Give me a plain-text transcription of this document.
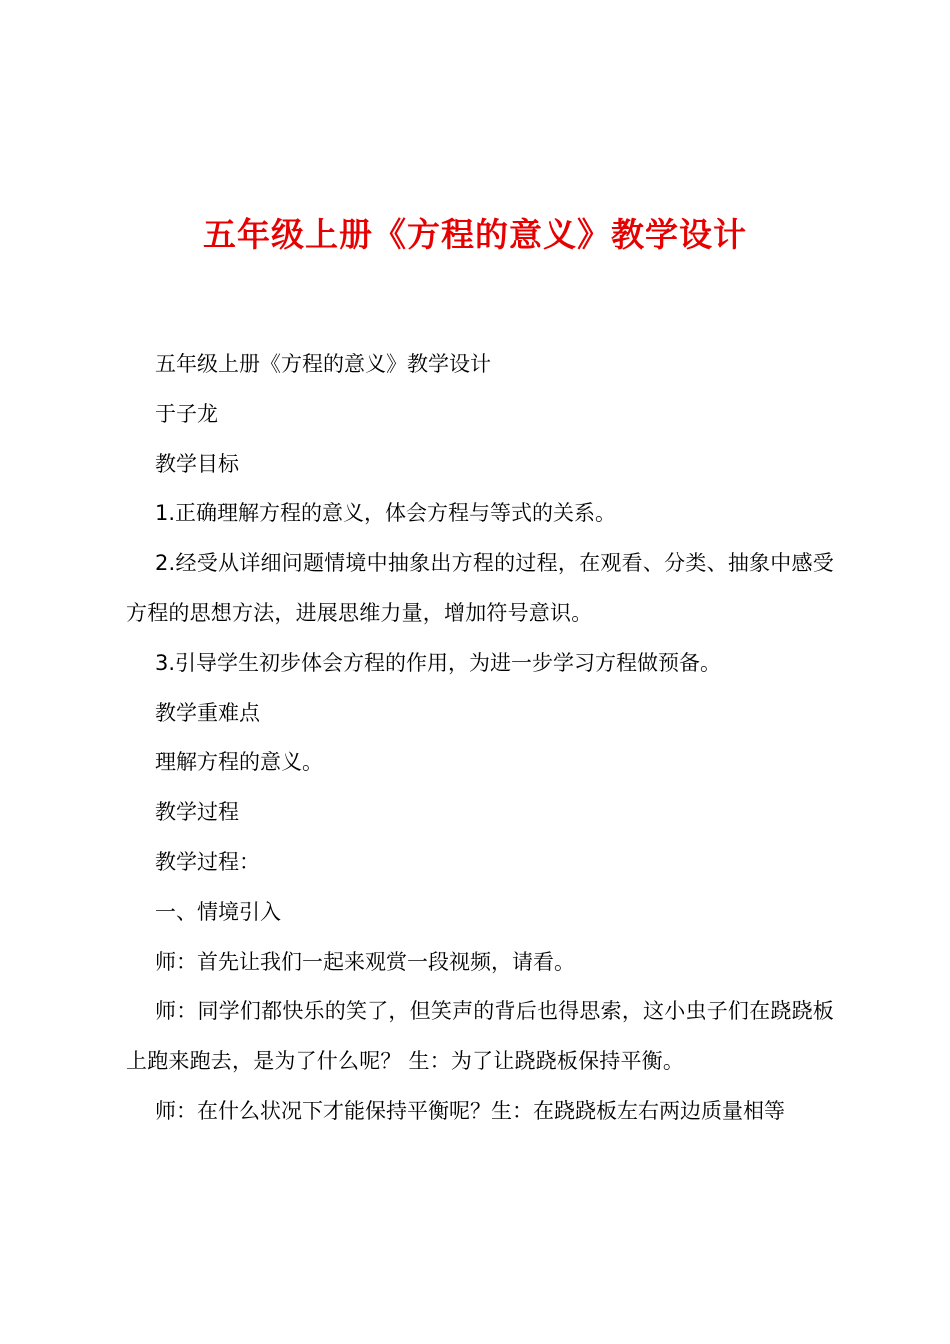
五年级上册《方程的意义》教学设计

五年级上册《方程的意义》教学设计

于子龙

教学目标

1.正确理解方程的意义，体会方程与等式的关系。

2.经受从详细问题情境中抽象出方程的过程，在观看、分类、抽象中感受方程的思想方法，进展思维力量，增加符号意识。

3.引导学生初步体会方程的作用，为进一步学习方程做预备。

教学重难点

理解方程的意义。

教学过程

教学过程：

一、情境引入

师：首先让我们一起来观赏一段视频，请看。

师：同学们都快乐的笑了，但笑声的背后也得思索，这小虫子们在跷跷板上跑来跑去，是为了什么呢？ 生：为了让跷跷板保持平衡。

师：在什么状况下才能保持平衡呢？生：在跷跷板左右两边质量相等
